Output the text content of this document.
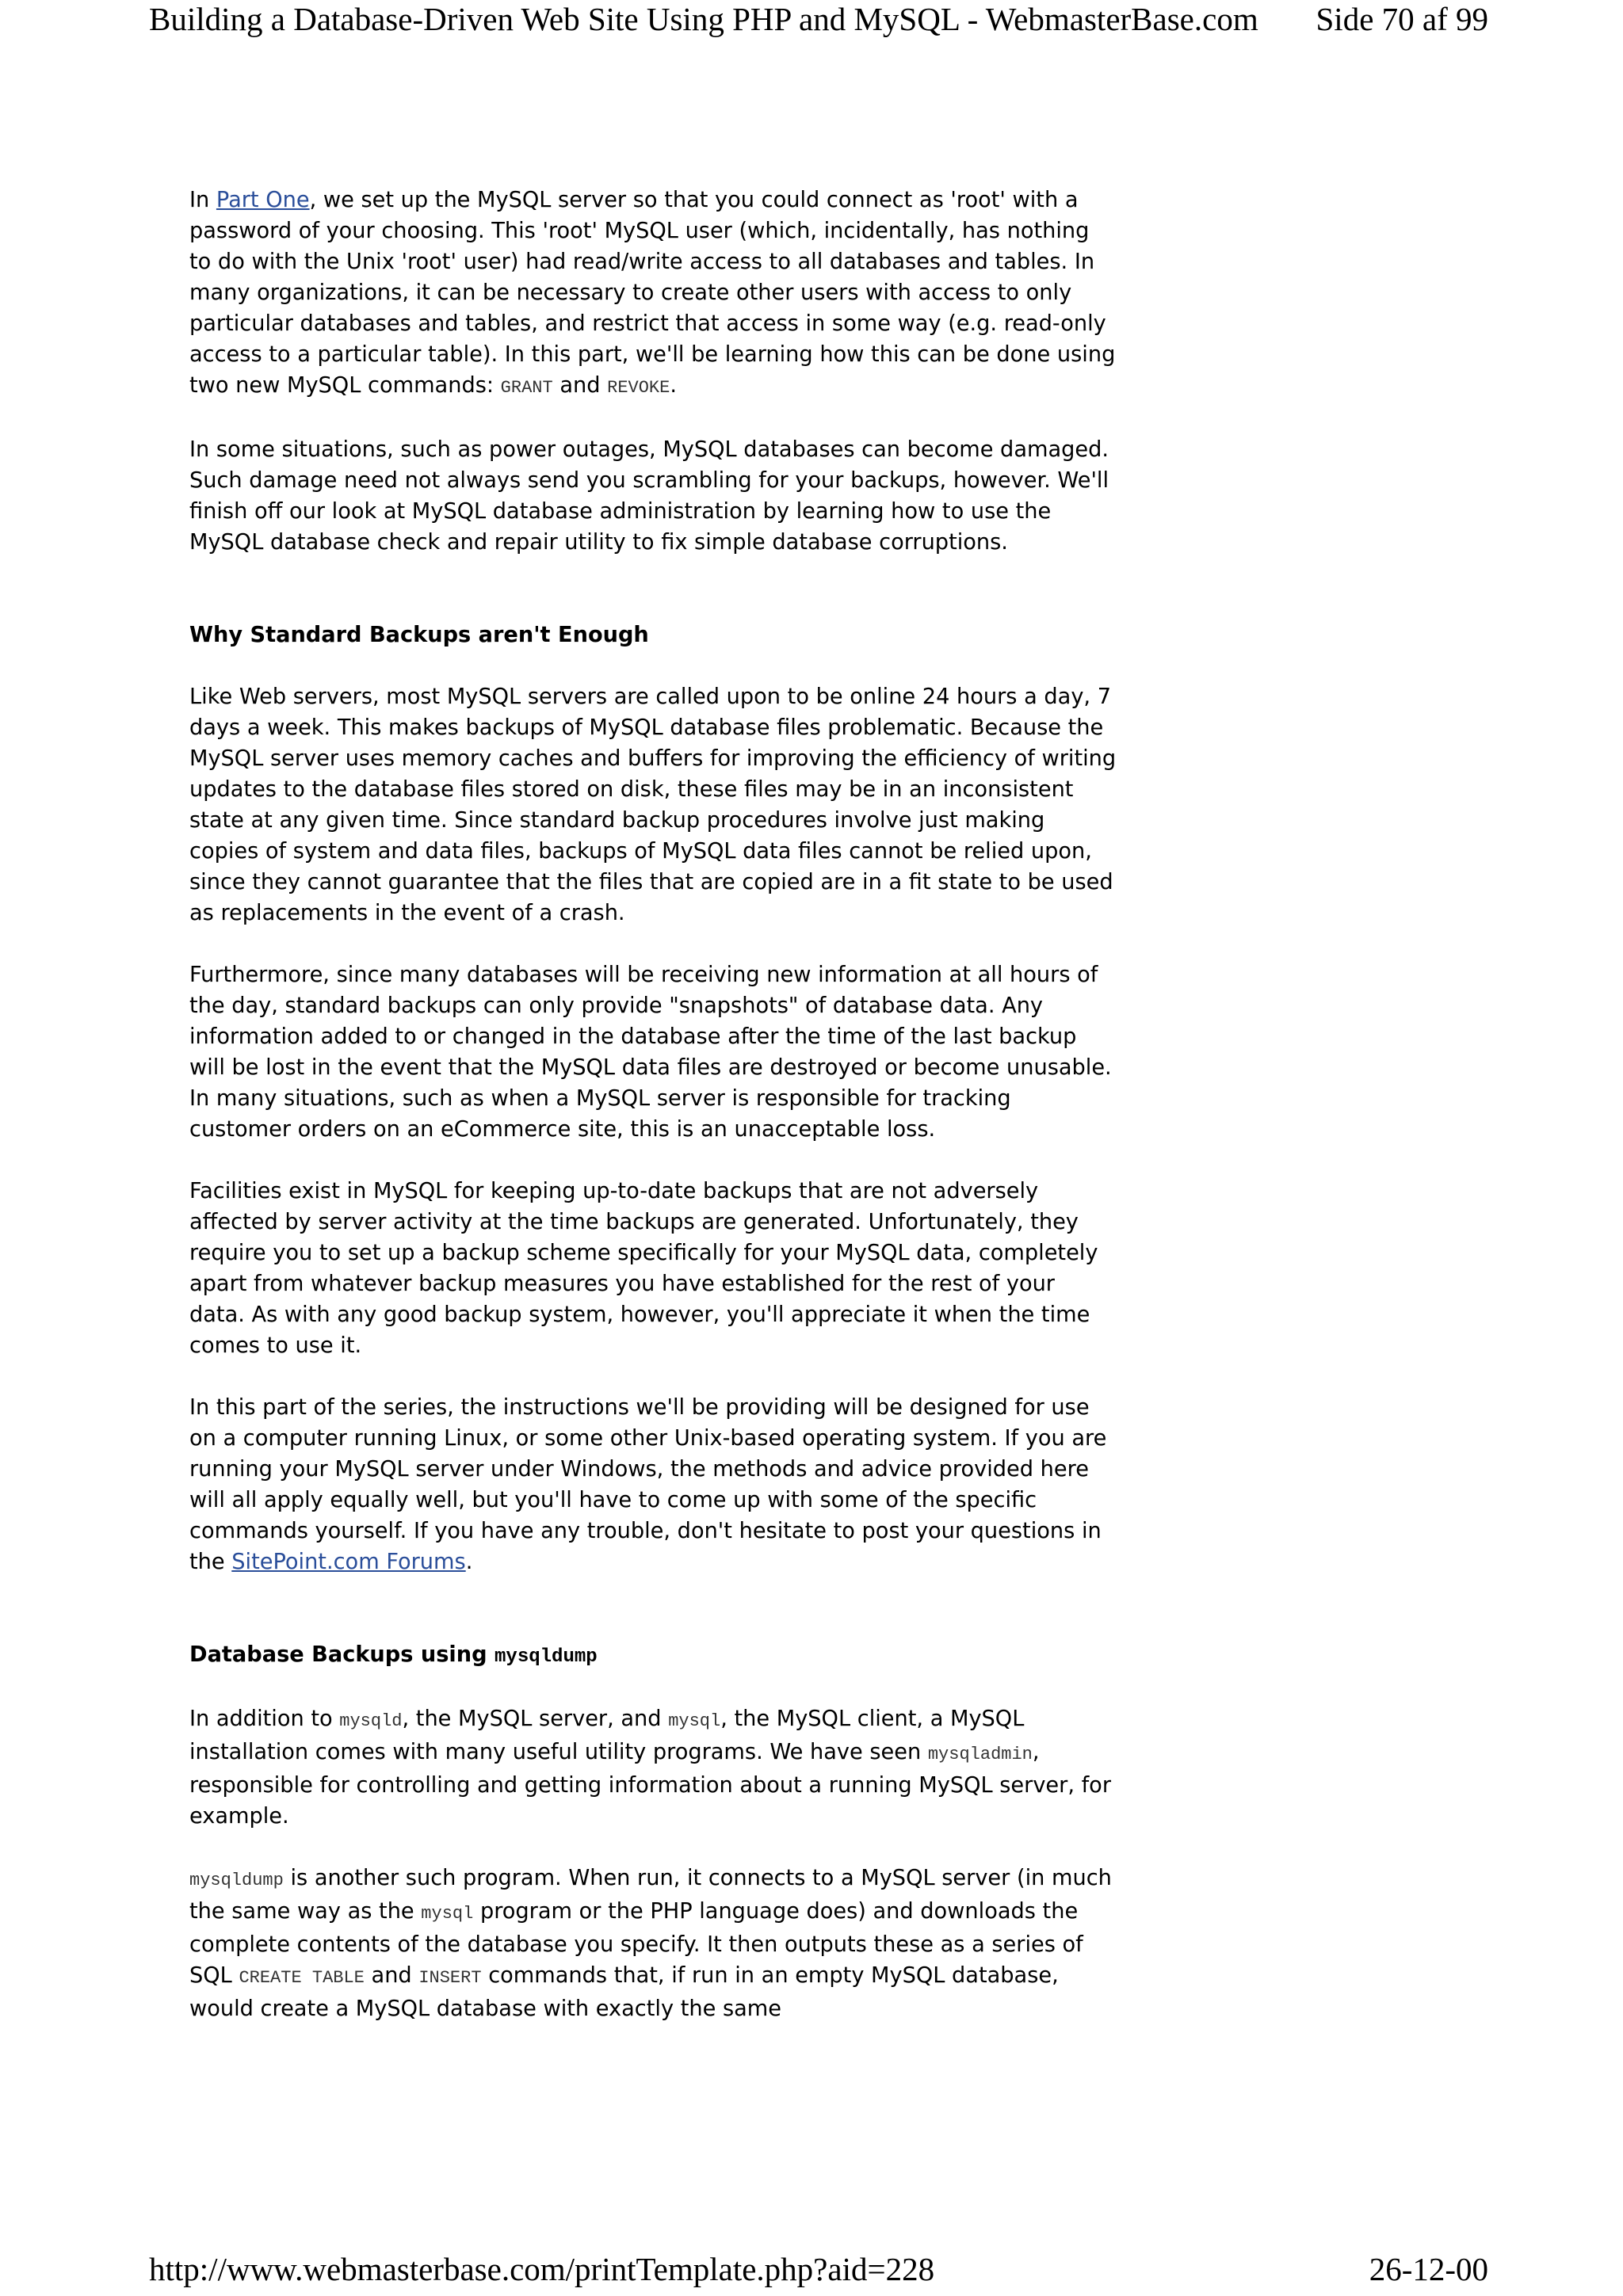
Building a Database-Driven Web Site Using PHP and MySQL - WebmasterBase.com Side 70 af 99

In Part One, we set up the MySQL server so that you could connect as 'root' with a password of your choosing. This 'root' MySQL user (which, incidentally, has nothing to do with the Unix 'root' user) had read/write access to all databases and tables. In many organizations, it can be necessary to create other users with access to only particular databases and tables, and restrict that access in some way (e.g. read-only access to a particular table). In this part, we'll be learning how this can be done using two new MySQL commands: GRANT and REVOKE.

In some situations, such as power outages, MySQL databases can become damaged. Such damage need not always send you scrambling for your backups, however. We'll finish off our look at MySQL database administration by learning how to use the MySQL database check and repair utility to fix simple database corruptions.

Why Standard Backups aren't Enough

Like Web servers, most MySQL servers are called upon to be online 24 hours a day, 7 days a week. This makes backups of MySQL database files problematic. Because the MySQL server uses memory caches and buffers for improving the efficiency of writing updates to the database files stored on disk, these files may be in an inconsistent state at any given time. Since standard backup procedures involve just making copies of system and data files, backups of MySQL data files cannot be relied upon, since they cannot guarantee that the files that are copied are in a fit state to be used as replacements in the event of a crash.

Furthermore, since many databases will be receiving new information at all hours of the day, standard backups can only provide "snapshots" of database data. Any information added to or changed in the database after the time of the last backup will be lost in the event that the MySQL data files are destroyed or become unusable. In many situations, such as when a MySQL server is responsible for tracking customer orders on an eCommerce site, this is an unacceptable loss.

Facilities exist in MySQL for keeping up-to-date backups that are not adversely affected by server activity at the time backups are generated. Unfortunately, they require you to set up a backup scheme specifically for your MySQL data, completely apart from whatever backup measures you have established for the rest of your data. As with any good backup system, however, you'll appreciate it when the time comes to use it.

In this part of the series, the instructions we'll be providing will be designed for use on a computer running Linux, or some other Unix-based operating system. If you are running your MySQL server under Windows, the methods and advice provided here will all apply equally well, but you'll have to come up with some of the specific commands yourself. If you have any trouble, don't hesitate to post your questions in the SitePoint.com Forums.

Database Backups using mysqldump

In addition to mysqld, the MySQL server, and mysql, the MySQL client, a MySQL installation comes with many useful utility programs. We have seen mysqladmin, responsible for controlling and getting information about a running MySQL server, for example.

mysqldump is another such program. When run, it connects to a MySQL server (in much the same way as the mysql program or the PHP language does) and downloads the complete contents of the database you specify. It then outputs these as a series of SQL CREATE TABLE and INSERT commands that, if run in an empty MySQL database, would create a MySQL database with exactly the same

http://www.webmasterbase.com/printTemplate.php?aid=228	26-12-00
